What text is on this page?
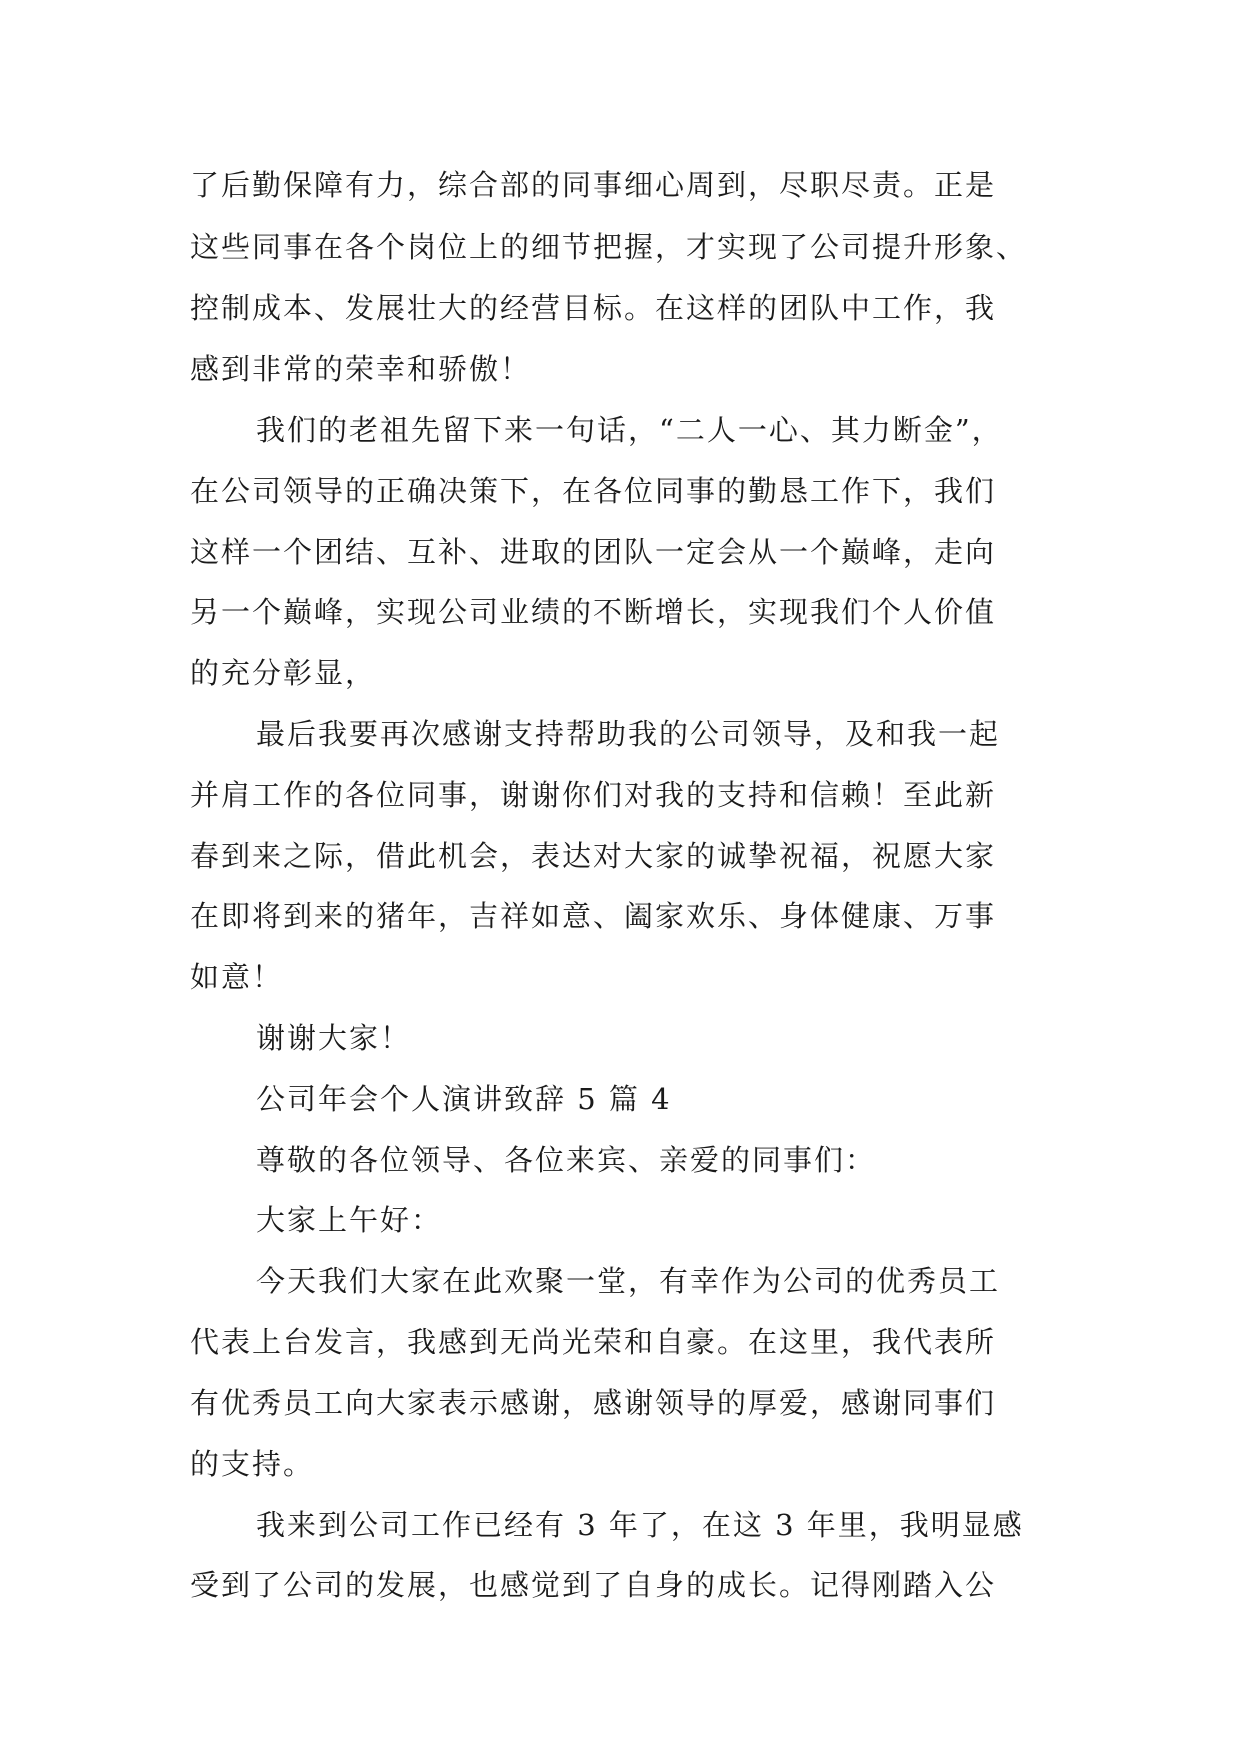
了后勤保障有力，综合部的同事细心周到，尽职尽责。正是
这些同事在各个岗位上的细节把握，才实现了公司提升形象、
控制成本、发展壮大的经营目标。在这样的团队中工作，我
感到非常的荣幸和骄傲！
我们的老祖先留下来一句话，“二人一心、其力断金”，
在公司领导的正确决策下，在各位同事的勤恳工作下，我们
这样一个团结、互补、进取的团队一定会从一个巅峰，走向
另一个巅峰，实现公司业绩的不断增长，实现我们个人价值
的充分彰显，
最后我要再次感谢支持帮助我的公司领导，及和我一起
并肩工作的各位同事，谢谢你们对我的支持和信赖！至此新
春到来之际，借此机会，表达对大家的诚挚祝福，祝愿大家
在即将到来的猪年，吉祥如意、阖家欢乐、身体健康、万事
如意！
谢谢大家！
公司年会个人演讲致辞 5 篇 4
尊敬的各位领导、各位来宾、亲爱的同事们：
大家上午好：
今天我们大家在此欢聚一堂，有幸作为公司的优秀员工
代表上台发言，我感到无尚光荣和自豪。在这里，我代表所
有优秀员工向大家表示感谢，感谢领导的厚爱，感谢同事们
的支持。
我来到公司工作已经有 3 年了，在这 3 年里，我明显感
受到了公司的发展，也感觉到了自身的成长。记得刚踏入公
